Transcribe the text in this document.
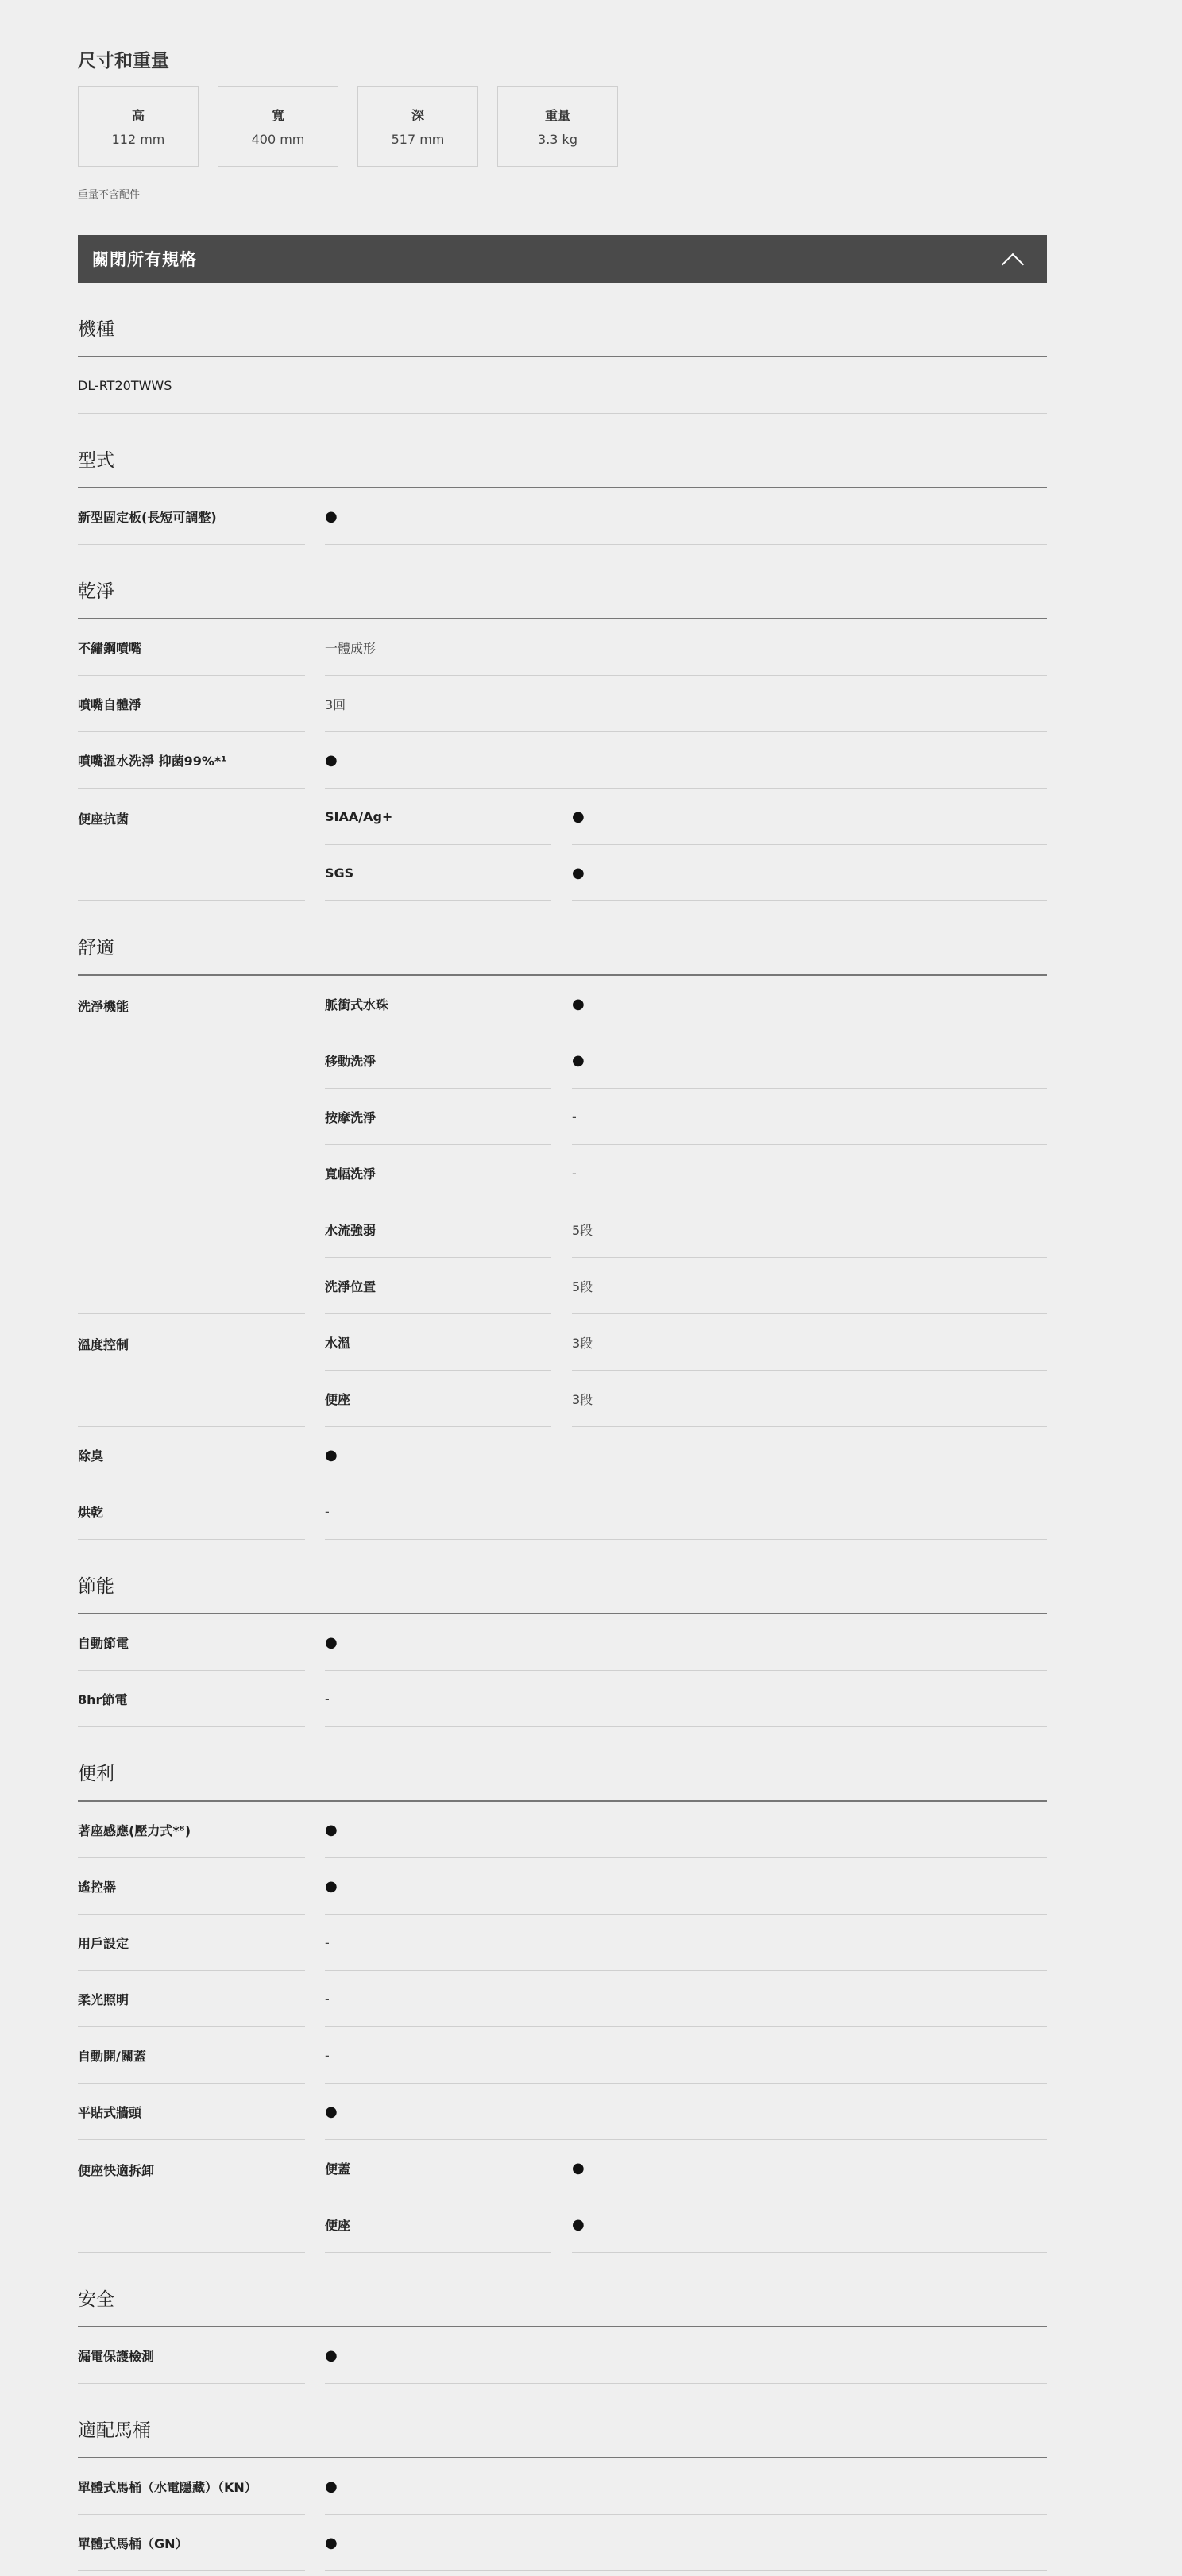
尺寸和重量
高
112 mm
寬
400 mm
深
517 mm
重量
3.3 kg
重量不含配件
關閉所有規格
機種
DL-RT20TWWS
型式
新型固定板(長短可調整)	●
乾淨
不繡鋼噴嘴	一體成形
噴嘴自體淨	3回
噴嘴溫水洗淨 抑菌99%*¹	●
便座抗菌	SIAA/Ag+	●
SGS	●
舒適
洗淨機能	脈衝式水珠	●
移動洗淨	●
按摩洗淨	-
寬幅洗淨	-
水流強弱	5段
洗淨位置	5段
溫度控制	水溫	3段
便座	3段
除臭	●
烘乾	-
節能
自動節電	●
8hr節電	-
便利
著座感應(壓力式*⁸)	●
遙控器	●
用戶設定	-
柔光照明	-
自動開/關蓋	-
平貼式牆頭	●
便座快適拆卸	便蓋	●
便座	●
安全
漏電保護檢測	●
適配馬桶
單體式馬桶（水電隱藏）（KN）	●
單體式馬桶（GN）	●
